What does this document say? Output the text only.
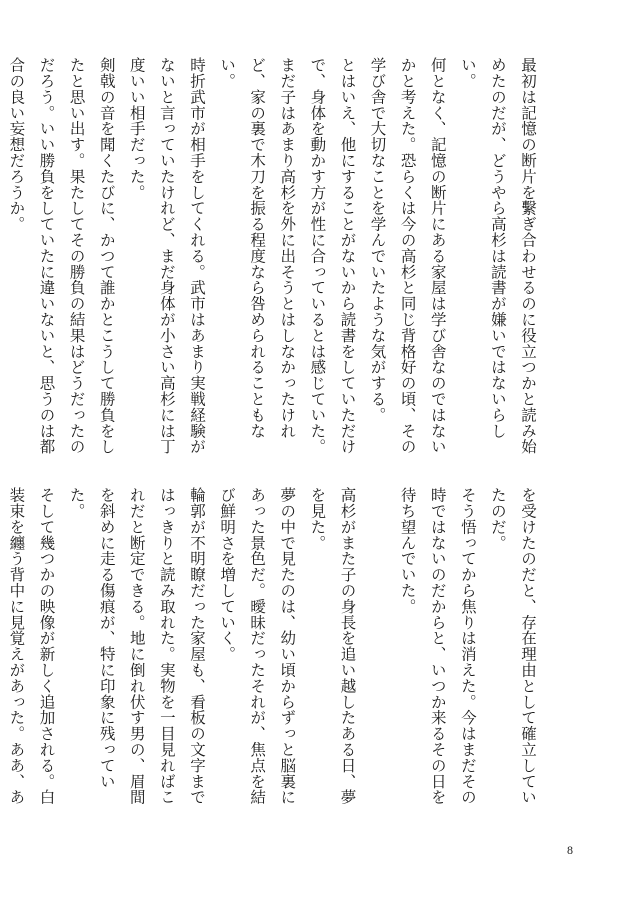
最初は記憶の断片を繫ぎ合わせるのに役立つかと読み始めたのだが、どうやら高杉は読書が嫌いではないらしい。

何となく、記憶の断片にある家屋は学び舎なのではないかと考えた。恐らくは今の高杉と同じ背格好の頃、その学び舎で大切なことを学んでいたような気がする。

とはいえ、他にすることがないから読書をしていただけで、身体を動かす方が性に合っているとは感じていた。まだ子はあまり高杉を外に出そうとはしなかったけれど、家の裏で木刀を振る程度なら咎められることもない。

時折武市が相手をしてくれる。武市はあまり実戦経験がないと言っていたけれど、まだ身体が小さい高杉には丁度いい相手だった。

剣戟の音を聞くたびに、かつて誰かとこうして勝負をしたと思い出す。果たしてその勝負の結果はどうだったのだろう。いい勝負をしていたに違いないと、思うのは都合の良い妄想だろうか。

を受けたのだと、存在理由として確立していたのだ。

そう悟ってから焦りは消えた。今はまだその時ではないのだからと、いつか来るその日を待ち望んでいた。

高杉がまた子の身長を追い越したある日、夢を見た。

夢の中で見たのは、幼い頃からずっと脳裏にあった景色だ。曖昧だったそれが、焦点を結び鮮明さを増していく。

輪郭が不明瞭だった家屋も、看板の文字まではっきりと読み取れた。実物を一目見ればこれだと断定できる。地に倒れ伏す男の、眉間を斜めに走る傷痕が、特に印象に残っていた。

そして幾つかの映像が新しく追加される。白装束を纏う背中に見覚えがあった。ああ、あ

8
